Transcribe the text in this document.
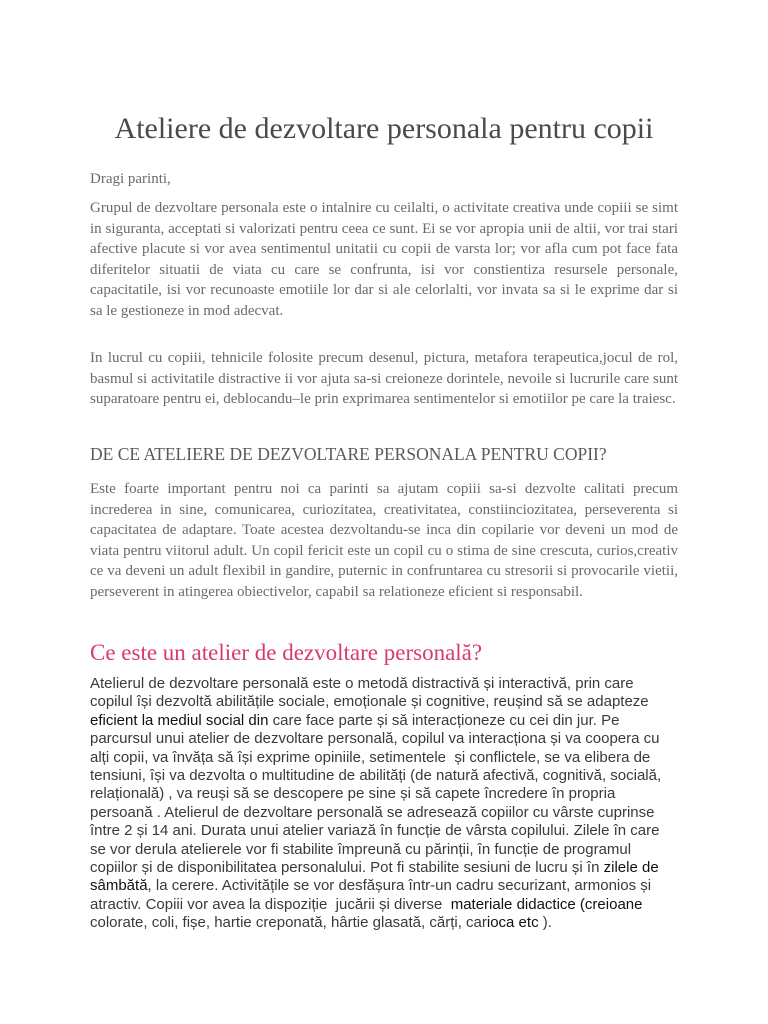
Ateliere de dezvoltare personala pentru copii
Dragi parinti,
Grupul de dezvoltare personala este o intalnire cu ceilalti, o activitate creativa unde copiii se simt in siguranta, acceptati si valorizati pentru ceea ce sunt. Ei se vor apropia unii de altii, vor trai stari afective placute si vor avea sentimentul unitatii cu copii de varsta lor; vor afla cum pot face fata diferitelor situatii de viata cu care se confrunta, isi vor constientiza resursele personale, capacitatile, isi vor recunoaste emotiile lor dar si ale celorlalti, vor invata sa si le exprime dar si sa le gestioneze in mod adecvat.
In lucrul cu copiii, tehnicile folosite precum desenul, pictura, metafora terapeutica,jocul de rol, basmul si activitatile distractive ii vor ajuta sa-si creioneze dorintele, nevoile si lucrurile care sunt suparatoare pentru ei, deblocandu‒le prin exprimarea sentimentelor si emotiilor pe care la traiesc.
DE CE ATELIERE DE DEZVOLTARE PERSONALA PENTRU COPII?
Este foarte important pentru noi ca parinti sa ajutam copiii sa-si dezvolte calitati precum increderea in sine, comunicarea, curiozitatea, creativitatea, constiinciozitatea, perseverenta si capacitatea de adaptare. Toate acestea dezvoltandu-se inca din copilarie vor deveni un mod de viata pentru viitorul adult. Un copil fericit este un copil cu o stima de sine crescuta, curios,creativ ce va deveni un adult flexibil in gandire, puternic in confruntarea cu stresorii si provocarile vietii, perseverent in atingerea obiectivelor, capabil sa relationeze eficient si responsabil.
Ce este un atelier de dezvoltare personală?
Atelierul de dezvoltare personală este o metodă distractivă și interactivă, prin care
copilul își dezvoltă abilitățile sociale, emoționale și cognitive, reușind să se adapteze
eficient la mediul social din care face parte și să interacționeze cu cei din jur. Pe
parcursul unui atelier de dezvoltare personală, copilul va interacționa și va coopera cu
alți copii, va învăța să își exprime opiniile, setimentele  și conflictele, se va elibera de
tensiuni, își va dezvolta o multitudine de abilități (de natură afectivă, cognitivă, socială,
relațională) , va reuși să se descopere pe sine și să capete încredere în propria
persoană . Atelierul de dezvoltare personală se adresează copiilor cu vârste cuprinse
între 2 și 14 ani. Durata unui atelier variază în funcție de vârsta copilului. Zilele în care
se vor derula atelierele vor fi stabilite împreună cu părinții, în funcție de programul
copiilor și de disponibilitatea personalului. Pot fi stabilite sesiuni de lucru și în zilele de
sâmbătă, la cerere. Activitățile se vor desfășura într-un cadru securizant, armonios și
atractiv. Copiii vor avea la dispoziție  jucării și diverse  materiale didactice (creioane
colorate, coli, fișe, hartie creponată, hârtie glasată, cărți, carioca etc ).
